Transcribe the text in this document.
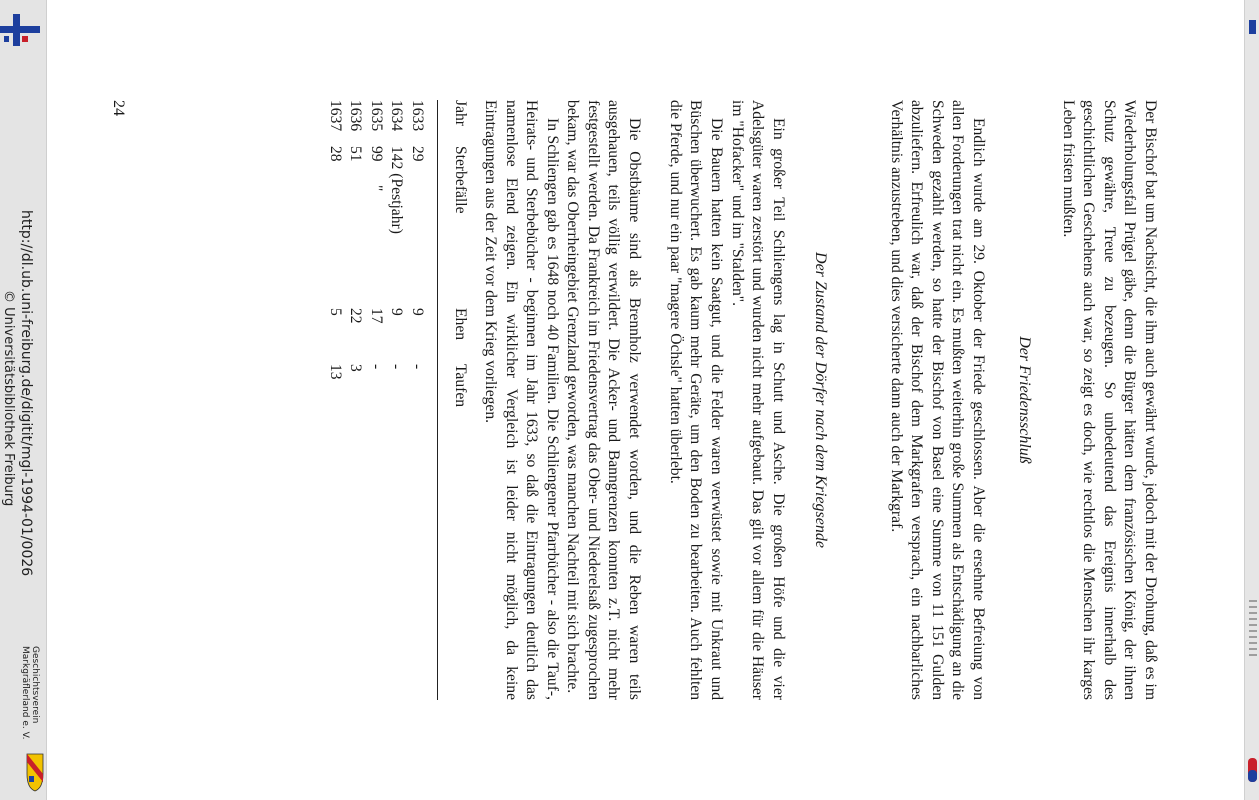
http://dl.ub.uni-freiburg.de/digitit/mgl-1994-01/0026
© Universitätsbibliothek Freiburg
Geschichtsverein
Markgräflerland e. V.	Der Bischof bat um Nachsicht, die ihm auch gewährt wurde, jedoch mit der Drohung, daß es im Wiederholungsfall Prügel gäbe, denn die Bürger hätten dem französischen König, der ihnen Schutz gewähre, Treue zu bezeugen. So unbedeutend das Ereignis innerhalb des geschichtlichen Geschehens auch war, so zeigt es doch, wie rechtlos die Menschen ihr karges Leben fristen mußten.

Der Friedensschluß

Endlich wurde am 29. Oktober der Friede geschlossen. Aber die ersehnte Befreiung von allen Forderungen trat nicht ein. Es mußten weiterhin große Summen als Entschädigung an die Schweden gezahlt werden, so hatte der Bischof von Basel eine Summe von 11 151 Gulden abzuliefern. Erfreulich war, daß der Bischof dem Markgrafen versprach, ein nachbarliches Verhältnis anzustreben, und dies versicherte dann auch der Markgraf.

Der Zustand der Dörfer nach dem Kriegsende

Ein großer Teil Schliengens lag in Schutt und Asche. Die großen Höfe und die vier Adelsgüter waren zerstört und wurden nicht mehr aufgebaut. Das gilt vor allem für die Häuser im "Hofacker" und im "Stalden".

Die Bauern hatten kein Saatgut, und die Felder waren verwüstet sowie mit Unkraut und Büschen überwuchert. Es gab kaum mehr Geräte, um den Boden zu bearbeiten. Auch fehlten die Pferde, und nur ein paar "magere Öchsle" hatten überlebt.

Die Obstbäume sind als Brennholz verwendet worden, und die Reben waren teils ausgehauen, teils völlig verwildert. Die Acker- und Banngrenzen konnten z.T. nicht mehr festgestellt werden. Da Frankreich im Friedensvertrag das Ober- und Niederelsaß zugesprochen bekam, war das Oberrheingebiet Grenzland geworden, was manchen Nachteil mit sich brachte.

In Schliengen gab es 1648 noch 40 Familien. Die Schliengener Pfarrbücher - also die Tauf-, Heirats- und Sterbebücher - beginnen im Jahr 1633, so daß die Eintragungen deutlich das namenlose Elend zeigen. Ein wirklicher Vergleich ist leider nicht möglich, da keine Eintragungen aus der Zeit vor dem Krieg vorliegen.

Jahr
Sterbefälle
Ehen
Taufen
1633
29
9
-
1634
142 (Pestjahr)
9
-
1635
99      "
17
-
1636
51
22
3
1637
28
5
13
24
